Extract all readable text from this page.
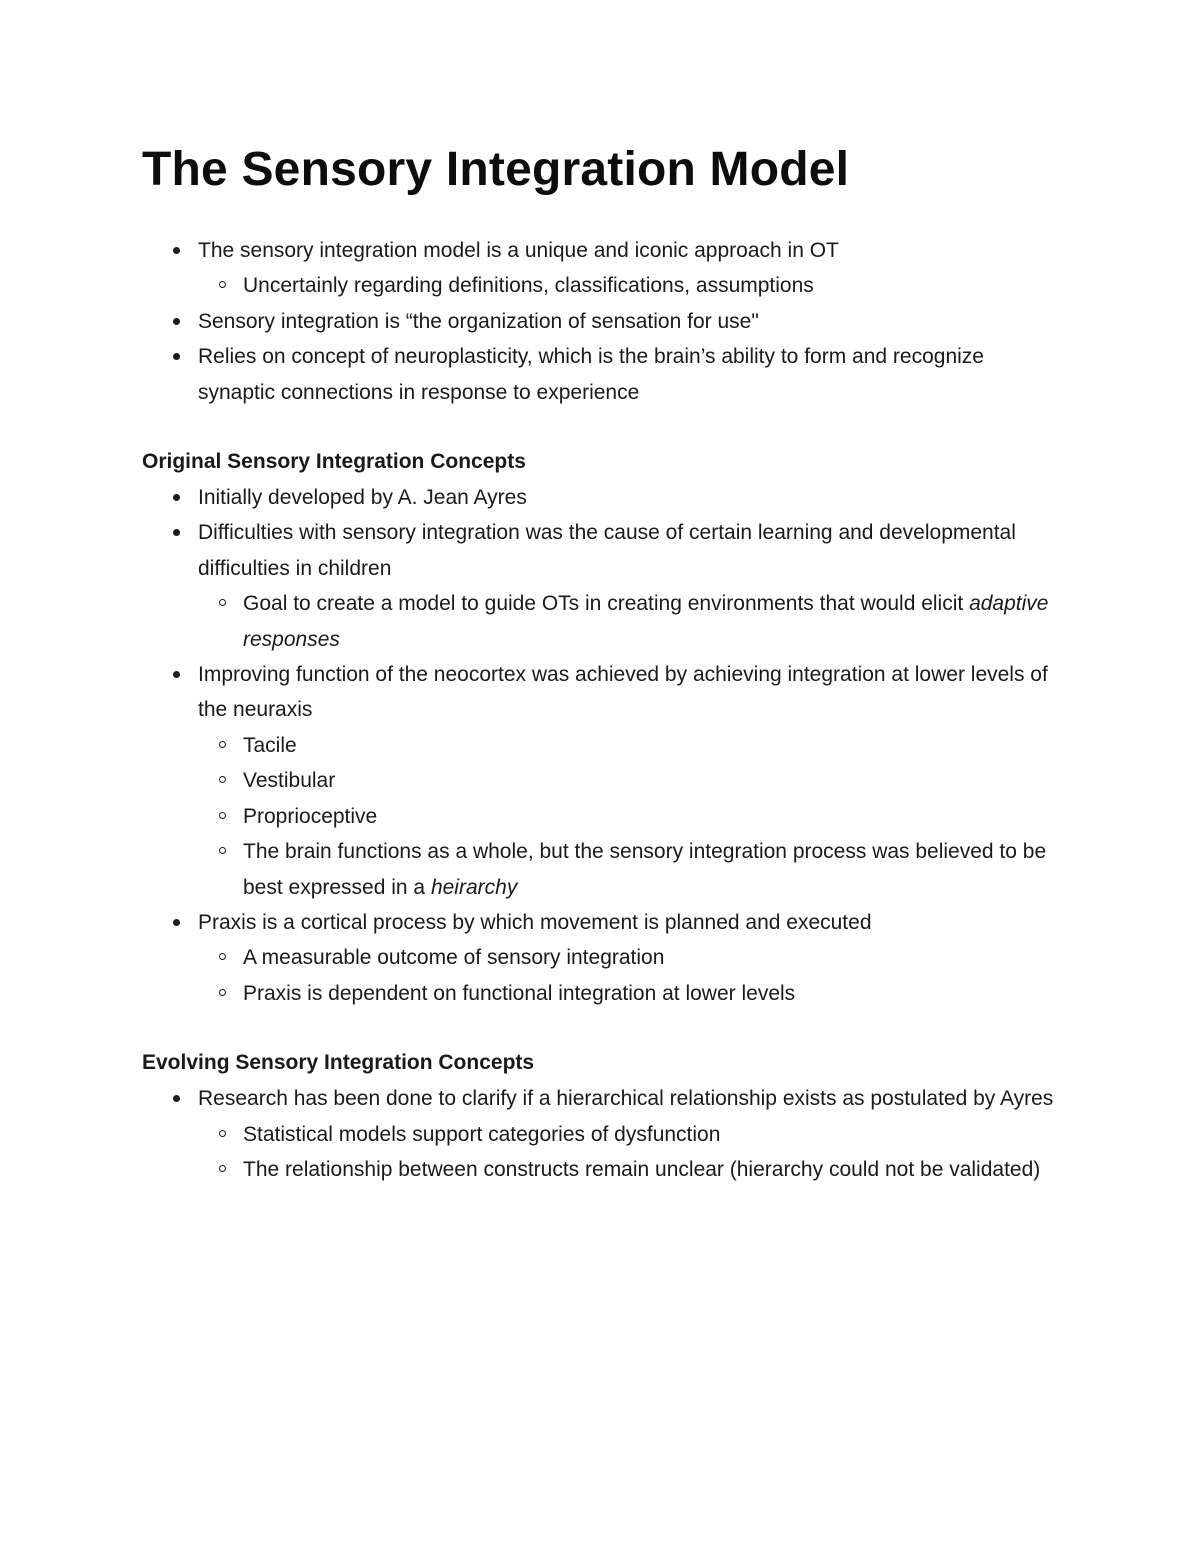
The Sensory Integration Model
The sensory integration model is a unique and iconic approach in OT
Uncertainly regarding definitions, classifications, assumptions
Sensory integration is “the organization of sensation for use"
Relies on concept of neuroplasticity, which is the brain’s ability to form and recognize synaptic connections in response to experience

Original Sensory Integration Concepts

Initially developed by A. Jean Ayres
Difficulties with sensory integration was the cause of certain learning and developmental difficulties in children
Goal to create a model to guide OTs in creating environments that would elicit adaptive responses
Improving function of the neocortex was achieved by achieving integration at lower levels of the neuraxis
Tacile
Vestibular
Proprioceptive
The brain functions as a whole, but the sensory integration process was believed to be best expressed in a heirarchy
Praxis is a cortical process by which movement is planned and executed
A measurable outcome of sensory integration
Praxis is dependent on functional integration at lower levels

Evolving Sensory Integration Concepts

Research has been done to clarify if a hierarchical relationship exists as postulated by Ayres
Statistical models support categories of dysfunction
The relationship between constructs remain unclear (hierarchy could not be validated)
